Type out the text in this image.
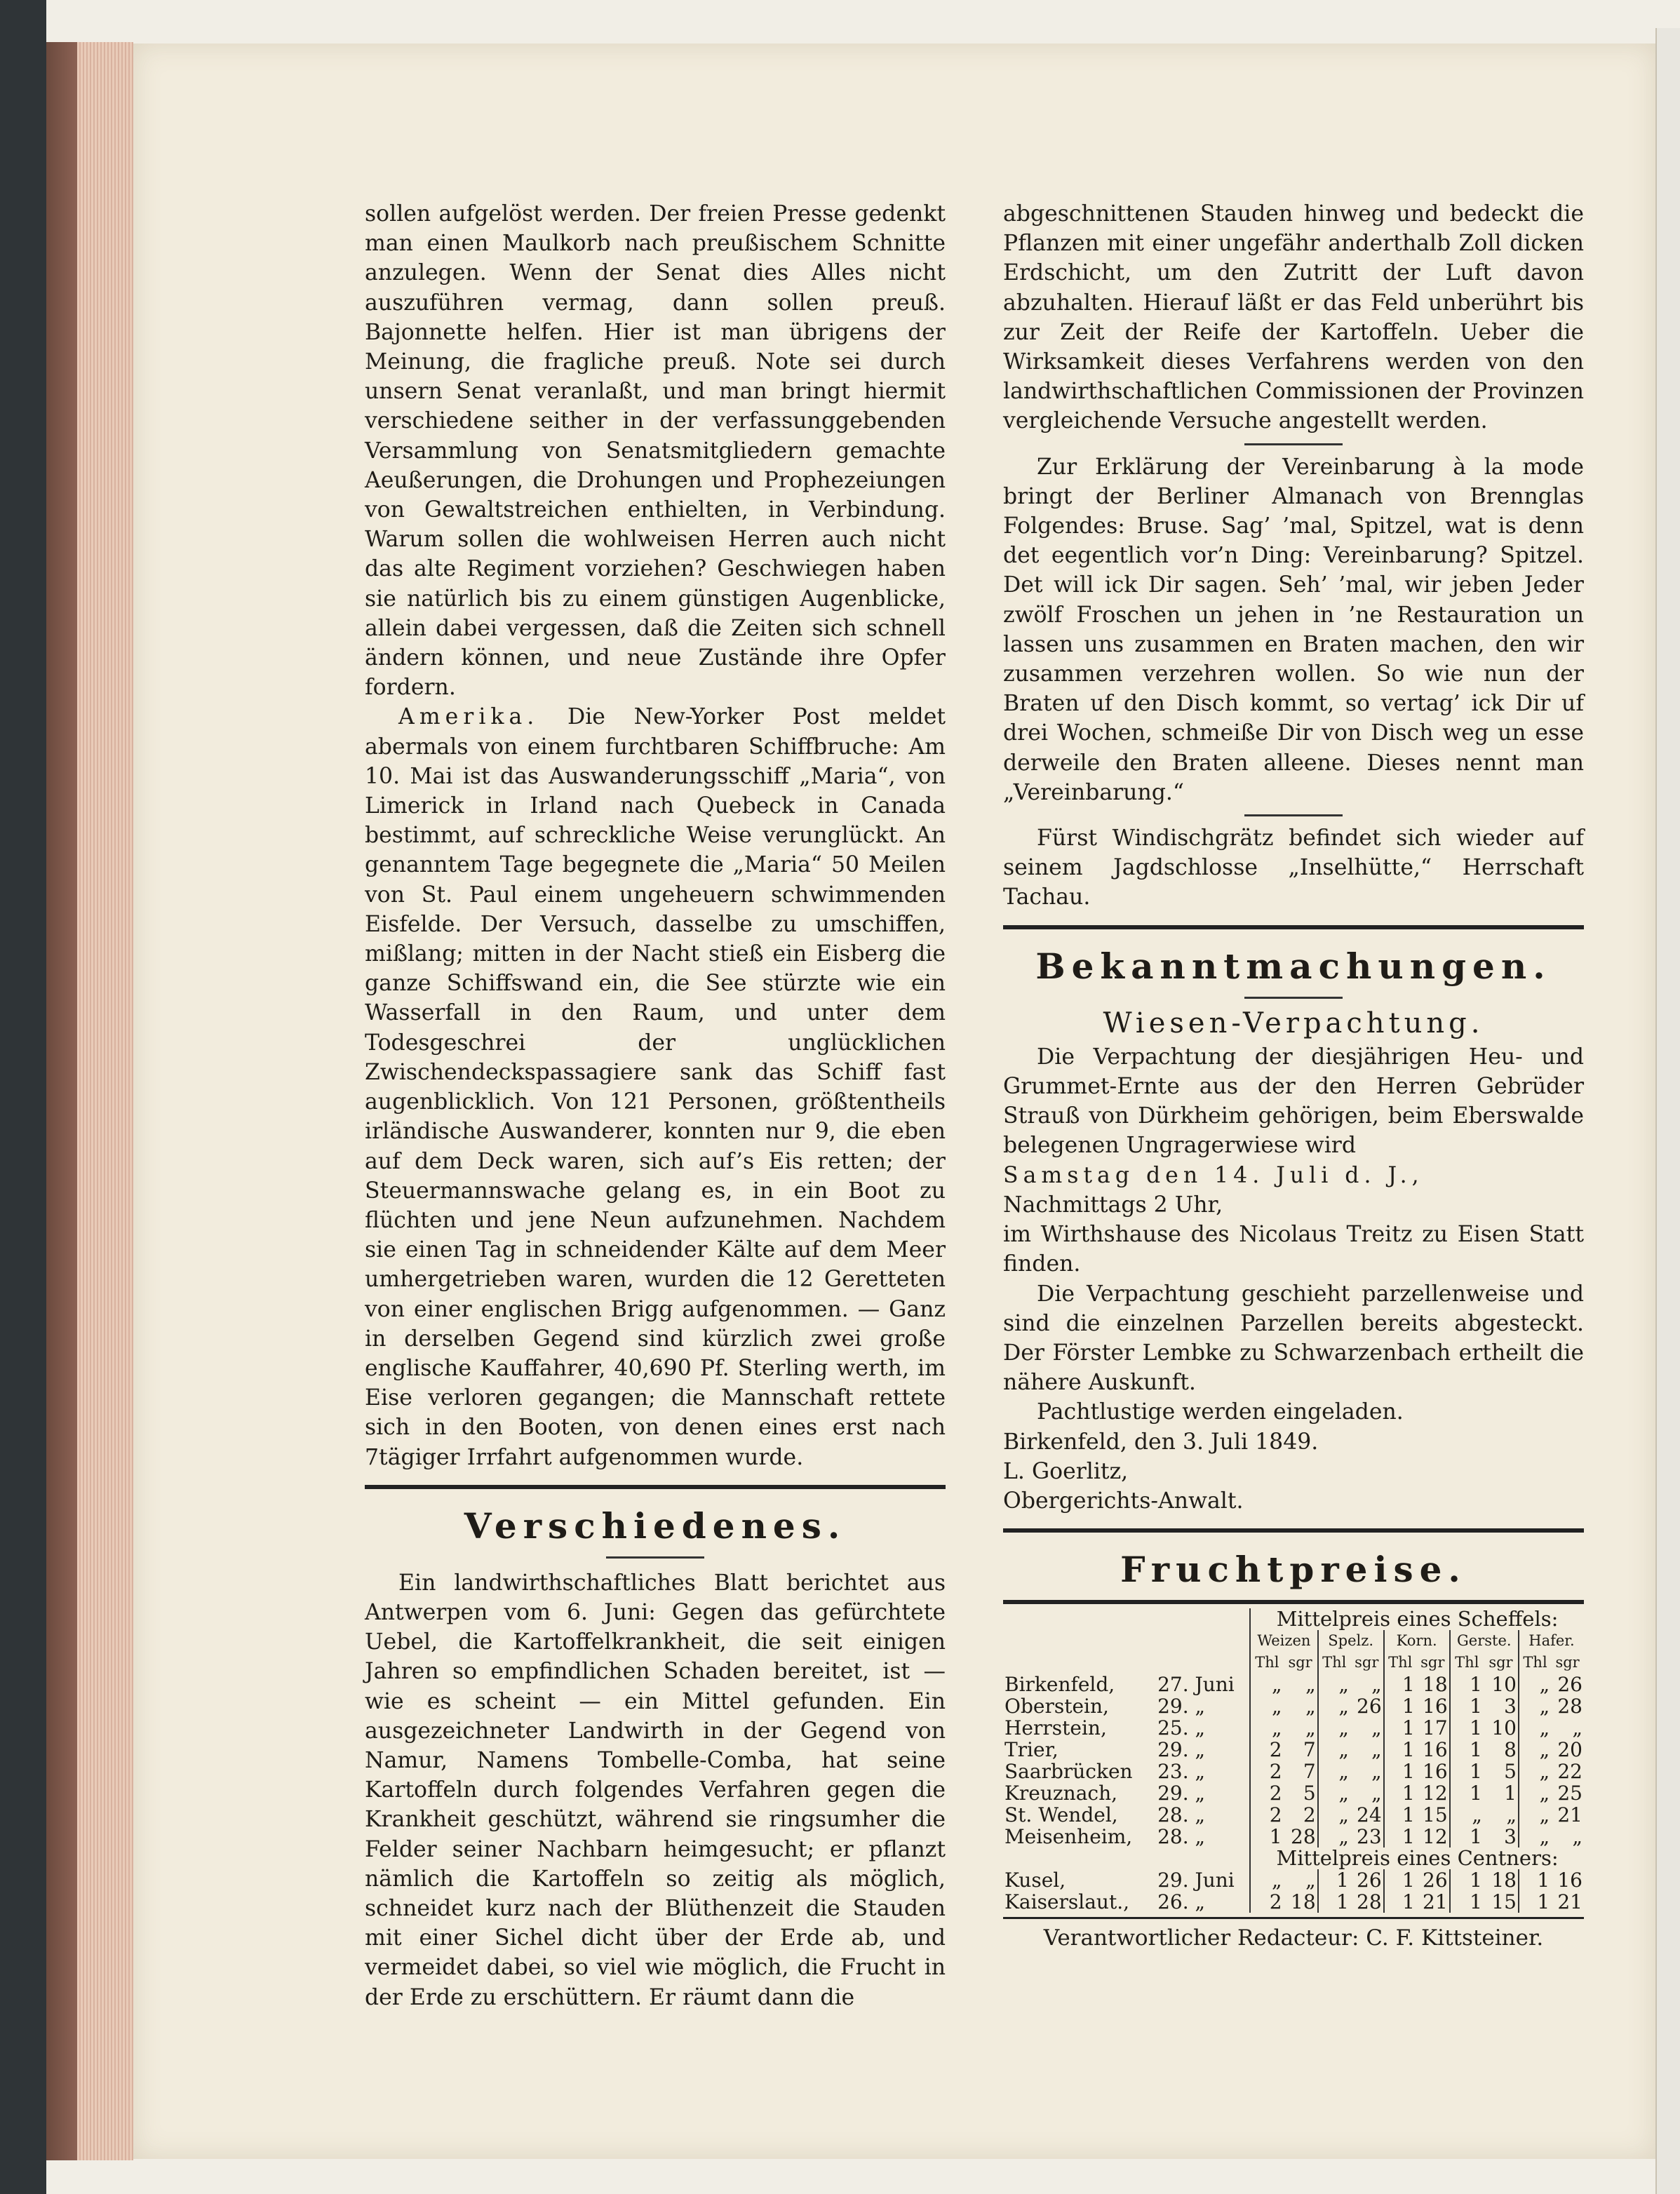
sollen aufgelöst werden. Der freien Presse gedenkt man einen Maulkorb nach preußischem Schnitte anzulegen. Wenn der Senat dies Alles nicht auszuführen vermag, dann sollen preuß. Bajonnette helfen. Hier ist man übrigens der Meinung, die fragliche preuß. Note sei durch unsern Senat veranlaßt, und man bringt hiermit verschiedene seither in der verfassunggebenden Versammlung von Senatsmitgliedern gemachte Aeußerungen, die Drohungen und Prophezeiungen von Gewaltstreichen enthielten, in Verbindung. Warum sollen die wohlweisen Herren auch nicht das alte Regiment vorziehen? Geschwiegen haben sie natürlich bis zu einem günstigen Augenblicke, allein dabei vergessen, daß die Zeiten sich schnell ändern können, und neue Zustände ihre Opfer fordern.

Amerika. Die New-Yorker Post meldet abermals von einem furchtbaren Schiffbruche: Am 10. Mai ist das Auswanderungsschiff „Maria“, von Limerick in Irland nach Quebeck in Canada bestimmt, auf schreckliche Weise verunglückt. An genanntem Tage begegnete die „Maria“ 50 Meilen von St. Paul einem ungeheuern schwimmenden Eisfelde. Der Versuch, dasselbe zu umschiffen, mißlang; mitten in der Nacht stieß ein Eisberg die ganze Schiffswand ein, die See stürzte wie ein Wasserfall in den Raum, und unter dem Todesgeschrei der unglücklichen Zwischendeckspassagiere sank das Schiff fast augenblicklich. Von 121 Personen, größtentheils irländische Auswanderer, konnten nur 9, die eben auf dem Deck waren, sich auf’s Eis retten; der Steuermannswache gelang es, in ein Boot zu flüchten und jene Neun aufzunehmen. Nachdem sie einen Tag in schneidender Kälte auf dem Meer umhergetrieben waren, wurden die 12 Geretteten von einer englischen Brigg aufgenommen. — Ganz in derselben Gegend sind kürzlich zwei große englische Kauffahrer, 40,690 Pf. Sterling werth, im Eise verloren gegangen; die Mannschaft rettete sich in den Booten, von denen eines erst nach 7tägiger Irrfahrt aufgenommen wurde.

Verschiedenes.

Ein landwirthschaftliches Blatt berichtet aus Antwerpen vom 6. Juni: Gegen das gefürchtete Uebel, die Kartoffelkrankheit, die seit einigen Jahren so empfindlichen Schaden bereitet, ist — wie es scheint — ein Mittel gefunden. Ein ausgezeichneter Landwirth in der Gegend von Namur, Namens Tombelle-Comba, hat seine Kartoffeln durch folgendes Verfahren gegen die Krankheit geschützt, während sie ringsumher die Felder seiner Nachbarn heimgesucht; er pflanzt nämlich die Kartoffeln so zeitig als möglich, schneidet kurz nach der Blüthenzeit die Stauden mit einer Sichel dicht über der Erde ab, und vermeidet dabei, so viel wie möglich, die Frucht in der Erde zu erschüttern. Er räumt dann die

abgeschnittenen Stauden hinweg und bedeckt die Pflanzen mit einer ungefähr anderthalb Zoll dicken Erdschicht, um den Zutritt der Luft davon abzuhalten. Hierauf läßt er das Feld unberührt bis zur Zeit der Reife der Kartoffeln. Ueber die Wirksamkeit dieses Verfahrens werden von den landwirthschaftlichen Commissionen der Provinzen vergleichende Versuche angestellt werden.

Zur Erklärung der Vereinbarung à la mode bringt der Berliner Almanach von Brennglas Folgendes: Bruse. Sag’ ’mal, Spitzel, wat is denn det eegentlich vor’n Ding: Vereinbarung? Spitzel. Det will ick Dir sagen. Seh’ ’mal, wir jeben Jeder zwölf Froschen un jehen in ’ne Restauration un lassen uns zusammen en Braten machen, den wir zusammen verzehren wollen. So wie nun der Braten uf den Disch kommt, so vertag’ ick Dir uf drei Wochen, schmeiße Dir von Disch weg un esse derweile den Braten alleene. Dieses nennt man „Vereinbarung.“

Fürst Windischgrätz befindet sich wieder auf seinem Jagdschlosse „Inselhütte,“ Herrschaft Tachau.

Bekanntmachungen.
Wiesen-Verpachtung.

Die Verpachtung der diesjährigen Heu- und Grummet-Ernte aus der den Herren Gebrüder Strauß von Dürkheim gehörigen, beim Eberswalde belegenen Ungragerwiese wird

Samstag den 14. Juli d. J.,

Nachmittags 2 Uhr,

im Wirthshause des Nicolaus Treitz zu Eisen Statt finden.

Die Verpachtung geschieht parzellenweise und sind die einzelnen Parzellen bereits abgesteckt. Der Förster Lembke zu Schwarzenbach ertheilt die nähere Auskunft.

Pachtlustige werden eingeladen.

Birkenfeld, den 3. Juli 1849.

L. Goerlitz,

Obergerichts-Anwalt.

Fruchtpreise.
		Mittelpreis eines Scheffels:									
		Weizen		Spelz.		Korn.		Gerste.		Hafer.	
		Thl	sgr	Thl	sgr	Thl	sgr	Thl	sgr	Thl	sgr
Birkenfeld,	27. Juni	„	„	„	„	1	18	1	10	„	26
Oberstein,	29. „	„	„	„	26	1	16	1	3	„	28
Herrstein,	25. „	„	„	„	„	1	17	1	10	„	„
Trier,	29. „	2	7	„	„	1	16	1	8	„	20
Saarbrücken	23. „	2	7	„	„	1	16	1	5	„	22
Kreuznach,	29. „	2	5	„	„	1	12	1	1	„	25
St. Wendel,	28. „	2	2	„	24	1	15	„	„	„	21
Meisenheim,	28. „	1	28	„	23	1	12	1	3	„	„
		Mittelpreis eines Centners:									
Kusel,	29. Juni	„	„	1	26	1	26	1	18	1	16
Kaiserslaut.,	26. „	2	18	1	28	1	21	1	15	1	21
Verantwortlicher Redacteur: C. F. Kittsteiner.
